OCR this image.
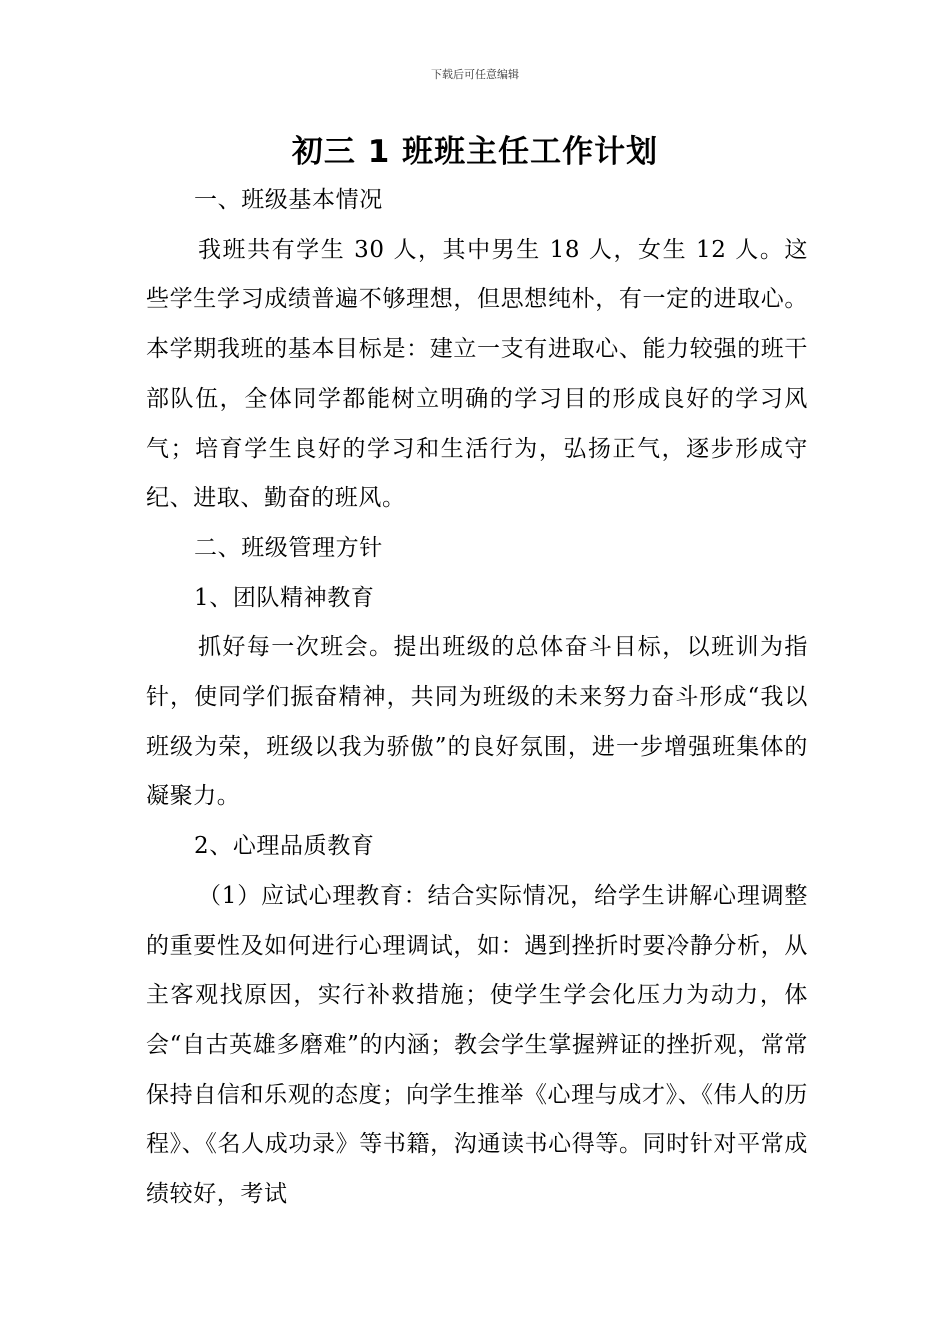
下载后可任意编辑
初三 1 班班主任工作计划

一、班级基本情况

我班共有学生 30 人，其中男生 18 人，女生 12 人。这些学生学习成绩普遍不够理想，但思想纯朴，有一定的进取心。本学期我班的基本目标是：建立一支有进取心、能力较强的班干部队伍，全体同学都能树立明确的学习目的形成良好的学习风气；培育学生良好的学习和生活行为，弘扬正气，逐步形成守纪、进取、勤奋的班风。

二、班级管理方针

1、团队精神教育

抓好每一次班会。提出班级的总体奋斗目标，以班训为指针，使同学们振奋精神，共同为班级的未来努力奋斗形成“我以班级为荣，班级以我为骄傲”的良好氛围，进一步增强班集体的凝聚力。

2、心理品质教育

（1）应试心理教育：结合实际情况，给学生讲解心理调整的重要性及如何进行心理调试，如：遇到挫折时要冷静分析，从主客观找原因，实行补救措施；使学生学会化压力为动力，体会“自古英雄多磨难”的内涵；教会学生掌握辨证的挫折观，常常保持自信和乐观的态度；向学生推举《心理与成才》、《伟人的历程》、《名人成功录》等书籍，沟通读书心得等。同时针对平常成绩较好，考试
